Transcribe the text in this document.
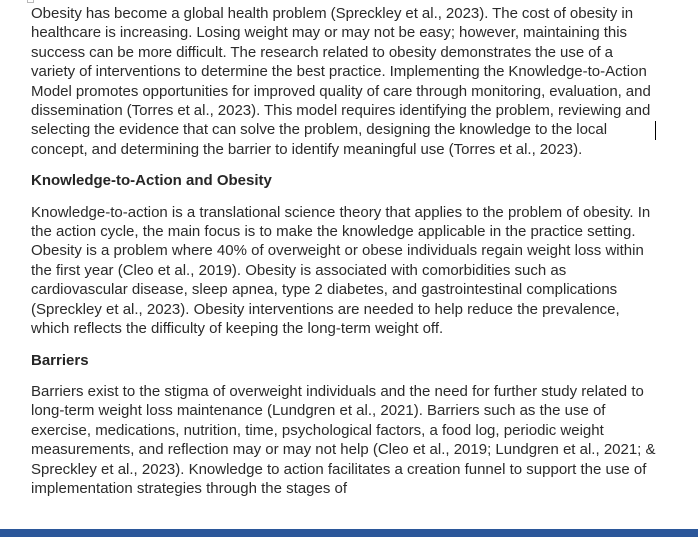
Obesity has become a global health problem (Spreckley et al., 2023). The cost of obesity in healthcare is increasing. Losing weight may or may not be easy; however, maintaining this success can be more difficult. The research related to obesity demonstrates the use of a variety of interventions to determine the best practice. Implementing the Knowledge-to-Action Model promotes opportunities for improved quality of care through monitoring, evaluation, and dissemination (Torres et al., 2023). This model requires identifying the problem, reviewing and selecting the evidence that can solve the problem, designing the knowledge to the local concept, and determining the barrier to identify meaningful use (Torres et al., 2023).

Knowledge-to-Action and Obesity

Knowledge-to-action is a translational science theory that applies to the problem of obesity. In the action cycle, the main focus is to make the knowledge applicable in the practice setting. Obesity is a problem where 40% of overweight or obese individuals regain weight loss within the first year (Cleo et al., 2019). Obesity is associated with comorbidities such as cardiovascular disease, sleep apnea, type 2 diabetes, and gastrointestinal complications (Spreckley et al., 2023). Obesity interventions are needed to help reduce the prevalence, which reflects the difficulty of keeping the long-term weight off.

Barriers

Barriers exist to the stigma of overweight individuals and the need for further study related to long-term weight loss maintenance (Lundgren et al., 2021). Barriers such as the use of exercise, medications, nutrition, time, psychological factors, a food log, periodic weight measurements, and reflection may or may not help (Cleo et al., 2019; Lundgren et al., 2021; & Spreckley et al., 2023). Knowledge to action facilitates a creation funnel to support the use of implementation strategies through the stages of
